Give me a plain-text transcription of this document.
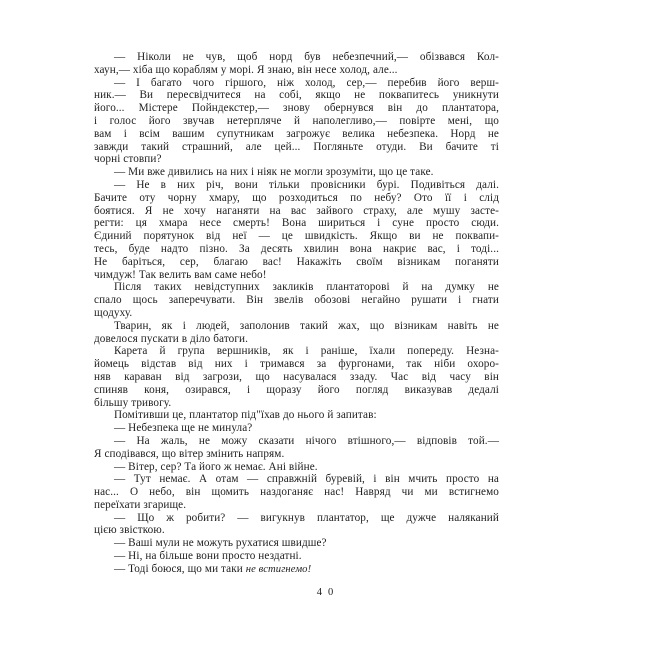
— Ніколи не чув, щоб норд був небезпечний,— обізвався Кол-
хаун,— хіба що кораблям у морі. Я знаю, він несе холод, але...
— І багато чого гіршого, ніж холод, сер,— перебив його верш-
ник.— Ви пересвідчитеся на собі, якщо не поквапитесь уникнути
його... Містере Пойндекстер,— знову обернувся він до плантатора,
і голос його звучав нетерпляче й наполегливо,— повірте мені, що
вам і всім вашим супутникам загрожує велика небезпека. Норд не
завжди такий страшний, але цей... Погляньте отуди. Ви бачите ті
чорні стовпи?
— Ми вже дивились на них і ніяк не могли зрозуміти, що це таке.
— Не в них річ, вони тільки провісники бурі. Подивіться далі.
Бачите оту чорну хмару, що розходиться по небу? Ото її і слід
боятися. Я не хочу наганяти на вас зайвого страху, але мушу засте-
регти: ця хмара несе смерть! Вона шириться і суне просто сюди.
Єдиний порятунок від неї — це швидкість. Якщо ви не поквапи-
тесь, буде надто пізно. За десять хвилин вона накриє вас, і тоді...
Не баріться, сер, благаю вас! Накажіть своїм візникам поганяти
чимдуж! Так велить вам саме небо!
Після таких невідступних закликів плантаторові й на думку не
спало щось заперечувати. Він звелів обозові негайно рушати і гнати
щодуху.
Тварин, як і людей, заполонив такий жах, що візникам навіть не
довелося пускати в діло батоги.
Карета й група вершників, як і раніше, їхали попереду. Незна-
йомець відстав від них і тримався за фургонами, так ніби охоро-
няв караван від загрози, що насувалася ззаду. Час від часу він
спиняв коня, озирався, і щоразу його погляд виказував дедалі
більшу тривогу.
Помітивши це, плантатор під"їхав до нього й запитав:
— Небезпека ще не минула?
— На жаль, не можу сказати нічого втішного,— відповів той.—
Я сподівався, що вітер змінить напрям.
— Вітер, сер? Та його ж немає. Ані війне.
— Тут немає. А отам — справжній буревій, і він мчить просто на
нас... О небо, він щомить наздоганяє нас! Навряд чи ми встигнемо
переїхати згарище.
— Що ж робити? — вигукнув плантатор, ще дужче наляканий
цією звісткою.
— Ваші мули не можуть рухатися швидше?
— Ні, на більше вони просто нездатні.
— Тоді боюся, що ми таки не встигнемо!
40
